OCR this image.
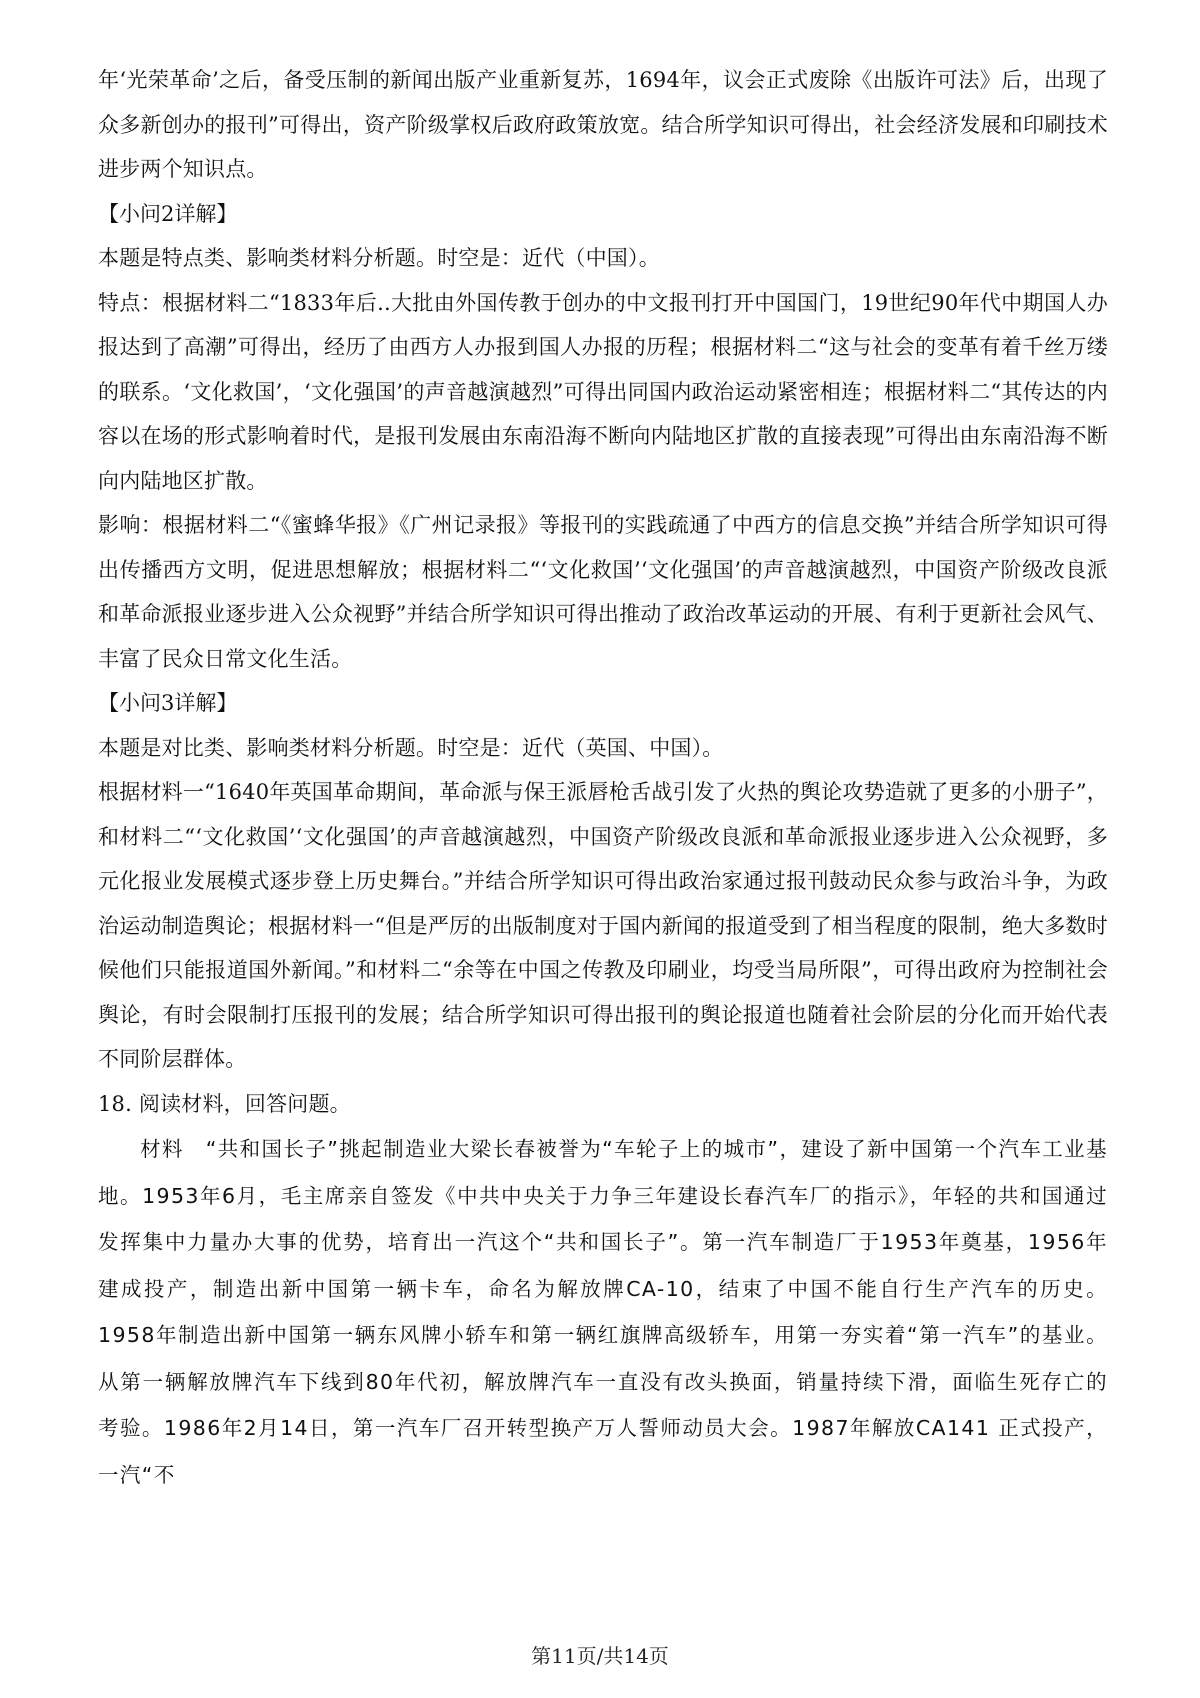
年‘光荣革命’之后，备受压制的新闻出版产业重新复苏，1694年，议会正式废除《出版许可法》后，出现了众多新创办的报刊”可得出，资产阶级掌权后政府政策放宽。结合所学知识可得出，社会经济发展和印刷技术进步两个知识点。

【小问2详解】

本题是特点类、影响类材料分析题。时空是：近代（中国）。

特点：根据材料二“1833年后..大批由外国传教于创办的中文报刊打开中国国门，19世纪90年代中期国人办报达到了高潮”可得出，经历了由西方人办报到国人办报的历程；根据材料二“这与社会的变革有着千丝万缕的联系。‘文化救国’，‘文化强国’的声音越演越烈”可得出同国内政治运动紧密相连；根据材料二“其传达的内容以在场的形式影响着时代，是报刊发展由东南沿海不断向内陆地区扩散的直接表现”可得出由东南沿海不断向内陆地区扩散。

影响：根据材料二“《蜜蜂华报》《广州记录报》等报刊的实践疏通了中西方的信息交换”并结合所学知识可得出传播西方文明，促进思想解放；根据材料二“‘文化救国’‘文化强国’的声音越演越烈，中国资产阶级改良派和革命派报业逐步进入公众视野”并结合所学知识可得出推动了政治改革运动的开展、有利于更新社会风气、丰富了民众日常文化生活。

【小问3详解】

本题是对比类、影响类材料分析题。时空是：近代（英国、中国）。

根据材料一“1640年英国革命期间，革命派与保王派唇枪舌战引发了火热的舆论攻势造就了更多的小册子”，和材料二“‘文化救国’‘文化强国’的声音越演越烈，中国资产阶级改良派和革命派报业逐步进入公众视野，多元化报业发展模式逐步登上历史舞台。”并结合所学知识可得出政治家通过报刊鼓动民众参与政治斗争，为政治运动制造舆论；根据材料一“但是严厉的出版制度对于国内新闻的报道受到了相当程度的限制，绝大多数时候他们只能报道国外新闻。”和材料二“余等在中国之传教及印刷业，均受当局所限”，可得出政府为控制社会舆论，有时会限制打压报刊的发展；结合所学知识可得出报刊的舆论报道也随着社会阶层的分化而开始代表不同阶层群体。

18. 阅读材料，回答问题。

材料　“共和国长子”挑起制造业大梁长春被誉为“车轮子上的城市”，建设了新中国第一个汽车工业基地。1953年6月，毛主席亲自签发《中共中央关于力争三年建设长春汽车厂的指示》，年轻的共和国通过发挥集中力量办大事的优势，培育出一汽这个“共和国长子”。第一汽车制造厂于1953年奠基，1956年建成投产，制造出新中国第一辆卡车，命名为解放牌CA-10，结束了中国不能自行生产汽车的历史。1958年制造出新中国第一辆东风牌小轿车和第一辆红旗牌高级轿车，用第一夯实着“第一汽车”的基业。从第一辆解放牌汽车下线到80年代初，解放牌汽车一直没有改头换面，销量持续下滑，面临生死存亡的考验。1986年2月14日，第一汽车厂召开转型换产万人誓师动员大会。1987年解放CA141 正式投产，一汽“不

第11页/共14页
